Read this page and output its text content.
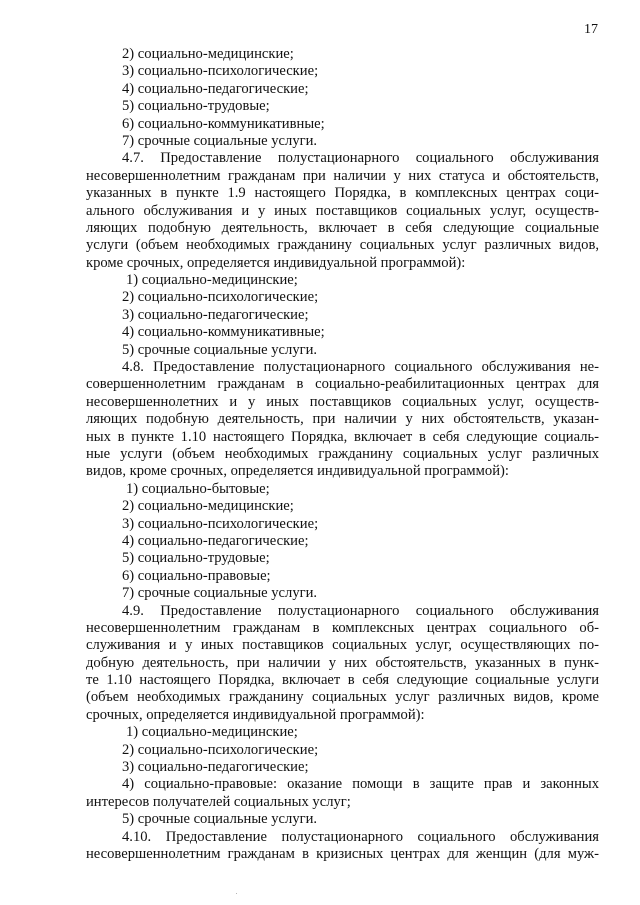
17
2) социально-медицинские;
3) социально-психологические;
4) социально-педагогические;
5) социально-трудовые;
6) социально-коммуникативные;
7) срочные социальные услуги.
4.7. Предоставление полустационарного социального обслуживания
несовершеннолетним гражданам при наличии у них статуса и обстоятельств,
указанных в пункте 1.9 настоящего Порядка, в комплексных центрах соци-
ального обслуживания и у иных поставщиков социальных услуг, осуществ-
ляющих подобную деятельность, включает в себя следующие социальные
услуги (объем необходимых гражданину социальных услуг различных видов,
кроме срочных, определяется индивидуальной программой):
1) социально-медицинские;
2) социально-психологические;
3) социально-педагогические;
4) социально-коммуникативные;
5) срочные социальные услуги.
4.8. Предоставление полустационарного социального обслуживания не-
совершеннолетним гражданам в социально-реабилитационных центрах для
несовершеннолетних и у иных поставщиков социальных услуг, осуществ-
ляющих подобную деятельность, при наличии у них обстоятельств, указан-
ных в пункте 1.10 настоящего Порядка, включает в себя следующие социаль-
ные услуги (объем необходимых гражданину социальных услуг различных
видов, кроме срочных, определяется индивидуальной программой):
1) социально-бытовые;
2) социально-медицинские;
3) социально-психологические;
4) социально-педагогические;
5) социально-трудовые;
6) социально-правовые;
7) срочные социальные услуги.
4.9. Предоставление полустационарного социального обслуживания
несовершеннолетним гражданам в комплексных центрах социального об-
служивания и у иных поставщиков социальных услуг, осуществляющих по-
добную деятельность, при наличии у них обстоятельств, указанных в пунк-
те 1.10 настоящего Порядка, включает в себя следующие социальные услуги
(объем необходимых гражданину социальных услуг различных видов, кроме
срочных, определяется индивидуальной программой):
1) социально-медицинские;
2) социально-психологические;
3) социально-педагогические;
4) социально-правовые: оказание помощи в защите прав и законных
интересов получателей социальных услуг;
5) срочные социальные услуги.
4.10. Предоставление полустационарного социального обслуживания
несовершеннолетним гражданам в кризисных центрах для женщин (для муж-
